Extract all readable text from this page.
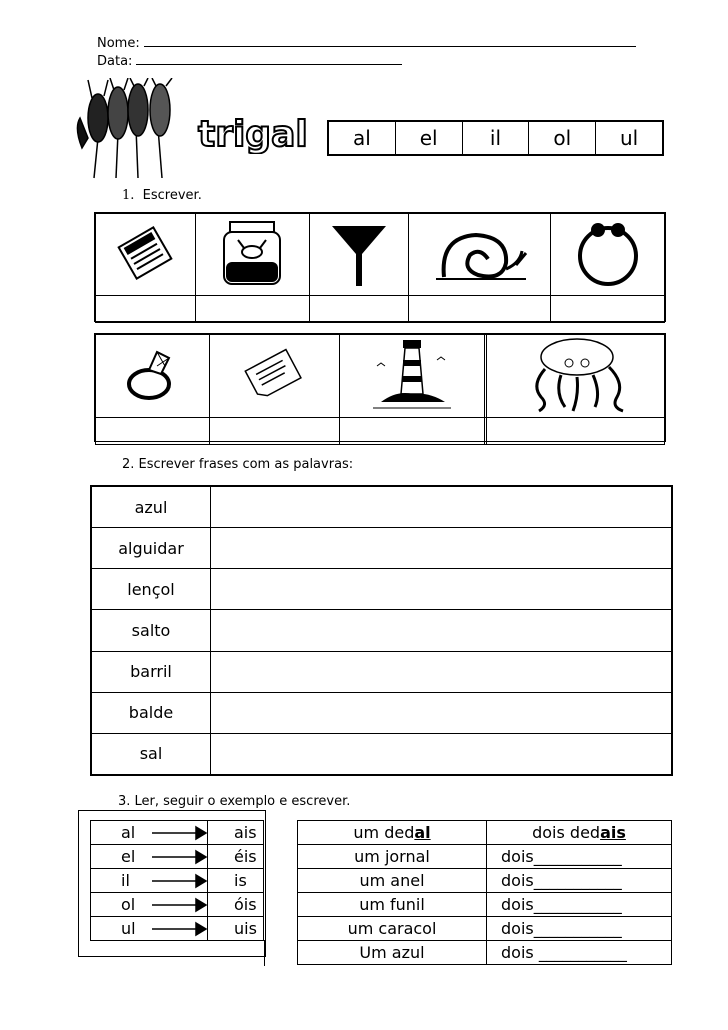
Nome:
Data:
trigal	al	el	il	ol	ul
1. Escrever.

2. Escrever frases com as palavras:
azul	
alguidar	
lençol	
salto	
barril	
balde	
sal	
3. Ler, seguir o exemplo e escrever.
al	ais
el	éis
il	is
ol	óis
ul	uis
um dedal	dois dedais
um jornal	dois___________
um anel	dois___________
um funil	dois___________
um caracol	dois___________
Um azul	dois ___________
